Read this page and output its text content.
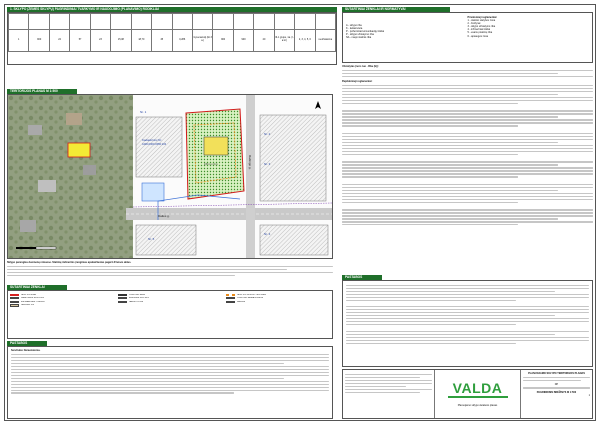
1. SKLYPO (ŽEMĖS SKLYPŲ) PAGRINDINIAI TVARKYMO IR NAUDOJIMO (PLANAVIMO) RODIKLIAI

1	900	22	57	23	15,08	18,70	45	0,286	Gyvenamoji (iki 3 a.)	900	900	20	III-1 grupė, 1a. (I-a kl.)	2, 3, 4, 5, 6	neužstatoma
SUTARTINIAI ŽENKLAI IR NORMATYVAI
A - sklypo riba
K - kelias/vieta
P - požeminiai komunikacijų tinklai
P - sklypo užstatymo riba
NA - naujo statinio riba
Privalomieji reglamentai:
1 - statinio statybos zona
2 - želdynai
3 - sklypo užstatymo riba
4 - inžineriniai tinklai
5 - esamų statinių riba
6 - apsaugos zona
TERITORIJOS PLANAS M 1:500
Nr. 1
Kadastrinis Nr.:
4400-0000-0050:103
Nr. 2
Nr. 3
Nr. 4
Nr. 5
3,8 m x 3 m
Dailės g.
Rabingo g.
Sklypo parengtas duomenų rėmuose. Statinių inžinerinis įrengimas apskaičiuotas pagal LR teisės aktus.
Užstatytas (nors tuo - Rbu (b)):
Papildomieji reglamentai:
SUTARTINIAI ŽENKLAI
SKLYPO RIBA	STATINIO RIBA	SKLYPO UŽSTATYMO RIBA
GRETIMAS SKLYPAS	ŽALIASIS PLOTAS	STATINIO ŽEMĖS DALIS
INŽINERINIAI TINKLAI	SERVITUTAS	KELIAS
ŠALIGATVIS
PASTABOS
Servitutai. Nenustatoma.
PASTABOS
VALDA
Planuojamo sklypo detalusis planas
PLANUOJAMO SKLYPO TERITORIJOS PLANAS
DP
PAGRINDINIS BRĖŽINYS M 1:500
1
